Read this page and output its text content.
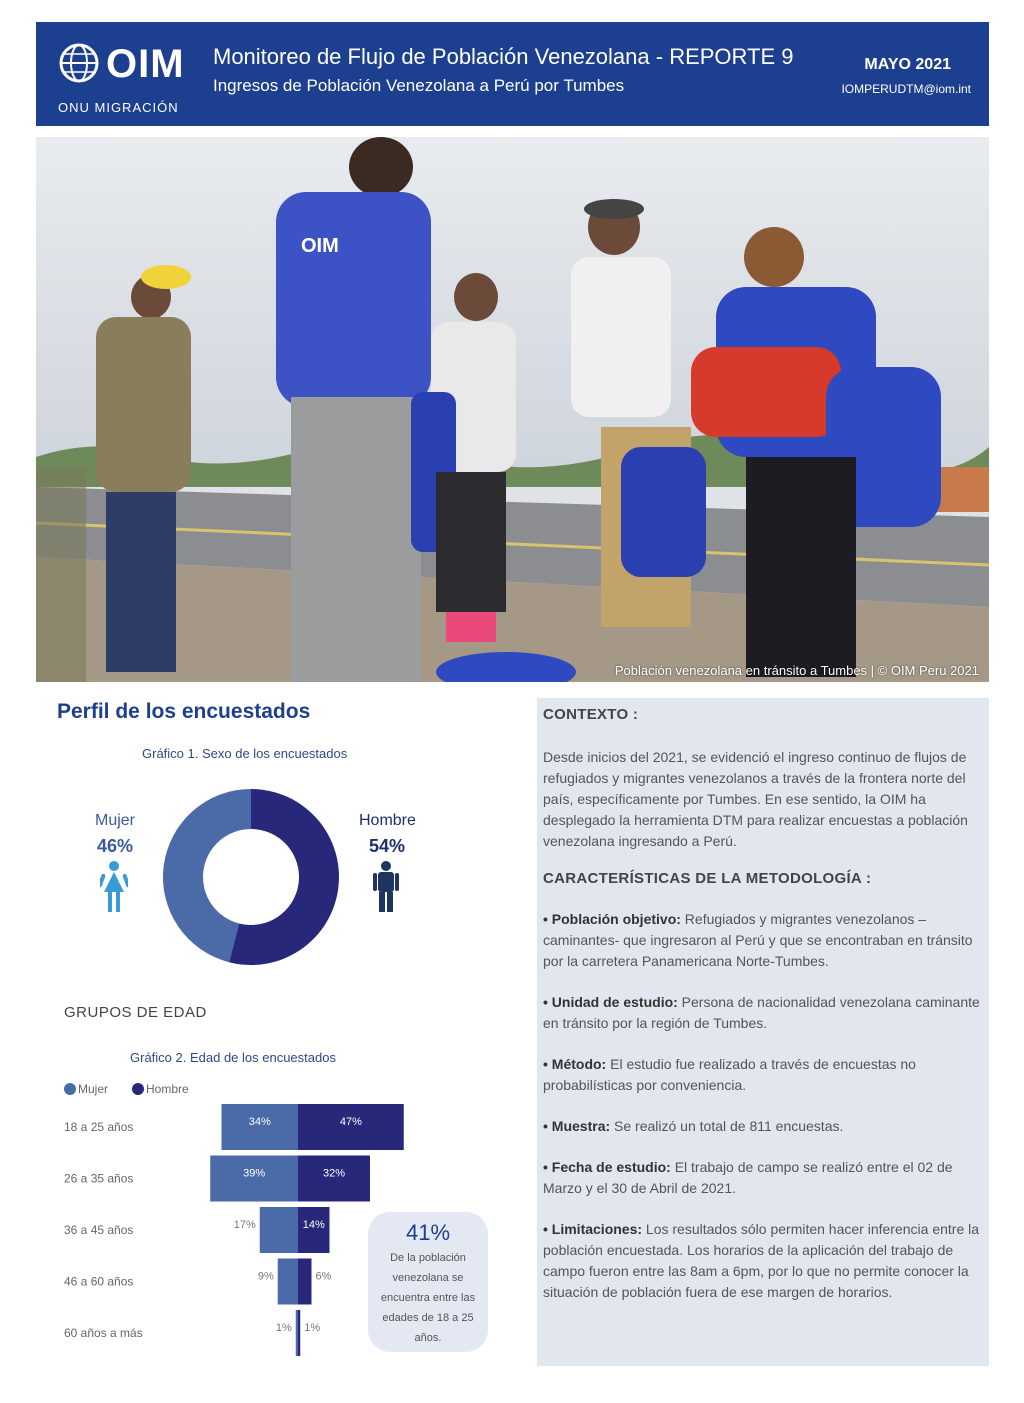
OIM
ONU MIGRACIÓN
Monitoreo de Flujo de Población Venezolana - REPORTE 9
Ingresos de Población Venezolana a Perú por Tumbes
MAYO 2021
IOMPERUDTM@iom.int
OIM
Población venezolana en tránsito a Tumbes | © OIM Peru 2021
Perfil de los encuestados
Gráfico 1. Sexo de los encuestados
Mujer
46%
Hombre
54%
GRUPOS DE EDAD
Gráfico 2. Edad de los encuestados
Mujer	Hombre
18 a 25 años	34%	47%
26 a 35 años	39%	32%
36 a 45 años	17%	14%
46 a 60 años	9%	6%
60 años a más	1% 1%
41%
De la población venezolana se encuentra entre las edades de 18 a 25 años.
CONTEXTO :
Desde inicios del 2021, se evidenció el ingreso continuo de flujos de refugiados y migrantes venezolanos a través de la frontera norte del país, específicamente por Tumbes. En ese sentido, la OIM ha desplegado la herramienta DTM para realizar encuestas a población venezolana ingresando a Perú.
CARACTERÍSTICAS DE LA METODOLOGÍA :
• Población objetivo: Refugiados y migrantes venezolanos –caminantes- que ingresaron al Perú y que se encontraban en tránsito por la carretera Panamericana Norte-Tumbes.
• Unidad de estudio: Persona de nacionalidad venezolana caminante en tránsito por la región de Tumbes.
• Método: El estudio fue realizado a través de encuestas no probabilísticas por conveniencia.
• Muestra: Se realizó un total de 811 encuestas.
• Fecha de estudio: El trabajo de campo se realizó entre el 02 de Marzo y el 30 de Abril de 2021.
• Limitaciones: Los resultados sólo permiten hacer inferencia entre la población encuestada. Los horarios de la aplicación del trabajo de campo fueron entre las 8am a 6pm, por lo que no permite conocer la situación de población fuera de ese margen de horarios.
